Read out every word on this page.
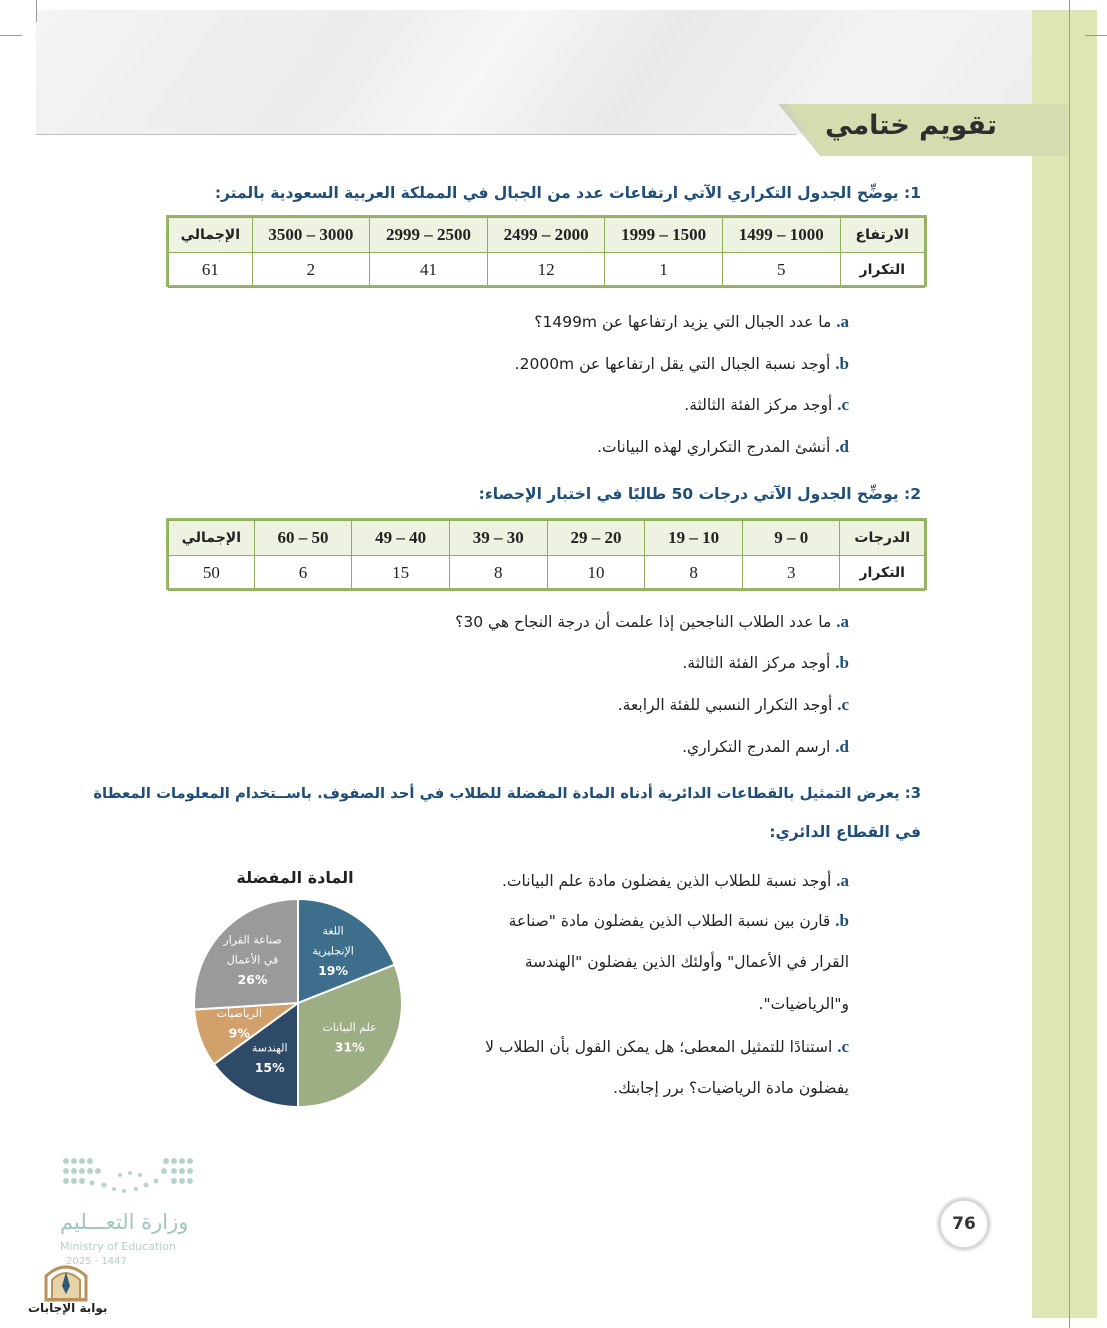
تقويم ختامي
1: يوضِّح الجدول التكراري الآتي ارتفاعات عدد من الجبال في المملكة العربية السعودية بالمتر:
الارتفاع	1000 – 1499	1500 – 1999	2000 – 2499	2500 – 2999	3000 – 3500	الإجمالي
التكرار	5	1	12	41	2	61
a. ما عدد الجبال التي يزيد ارتفاعها عن 1499m؟
b. أوجد نسبة الجبال التي يقل ارتفاعها عن 2000m.
c. أوجد مركز الفئة الثالثة.
d. أنشئ المدرج التكراري لهذه البيانات.
2: يوضِّح الجدول الآتي درجات 50 طالبًا في اختبار الإحصاء:
الدرجات	0 – 9	10 – 19	20 – 29	30 – 39	40 – 49	50 – 60	الإجمالي
التكرار	3	8	10	8	15	6	50
a. ما عدد الطلاب الناجحين إذا علمت أن درجة النجاح هي 30؟
b. أوجد مركز الفئة الثالثة.
c. أوجد التكرار النسبي للفئة الرابعة.
d. ارسم المدرج التكراري.
3: يعرض التمثيل بالقطاعات الدائرية أدناه المادة المفضلة للطلاب في أحد الصفوف. باســتخدام المعلومات المعطاة
في القطاع الدائري:
a. أوجد نسبة للطلاب الذين يفضلون مادة علم البيانات.
b. قارن بين نسبة الطلاب الذين يفضلون مادة "صناعة
القرار في الأعمال" وأولئك الذين يفضلون "الهندسة
و"الرياضيات".
c. استنادًا للتمثيل المعطى؛ هل يمكن القول بأن الطلاب لا
يفضلون مادة الرياضيات؟ برر إجابتك.
المادة المفضلة
اللغة
الإنجليزية
19%
علم البيانات
31%
الهندسة
15%
الرياضيات
9%
صناعة القرار
في الأعمال
26%
76
وزارة التعـــليم
Ministry of Education
2025 - 1447
بوابة الإجابات
